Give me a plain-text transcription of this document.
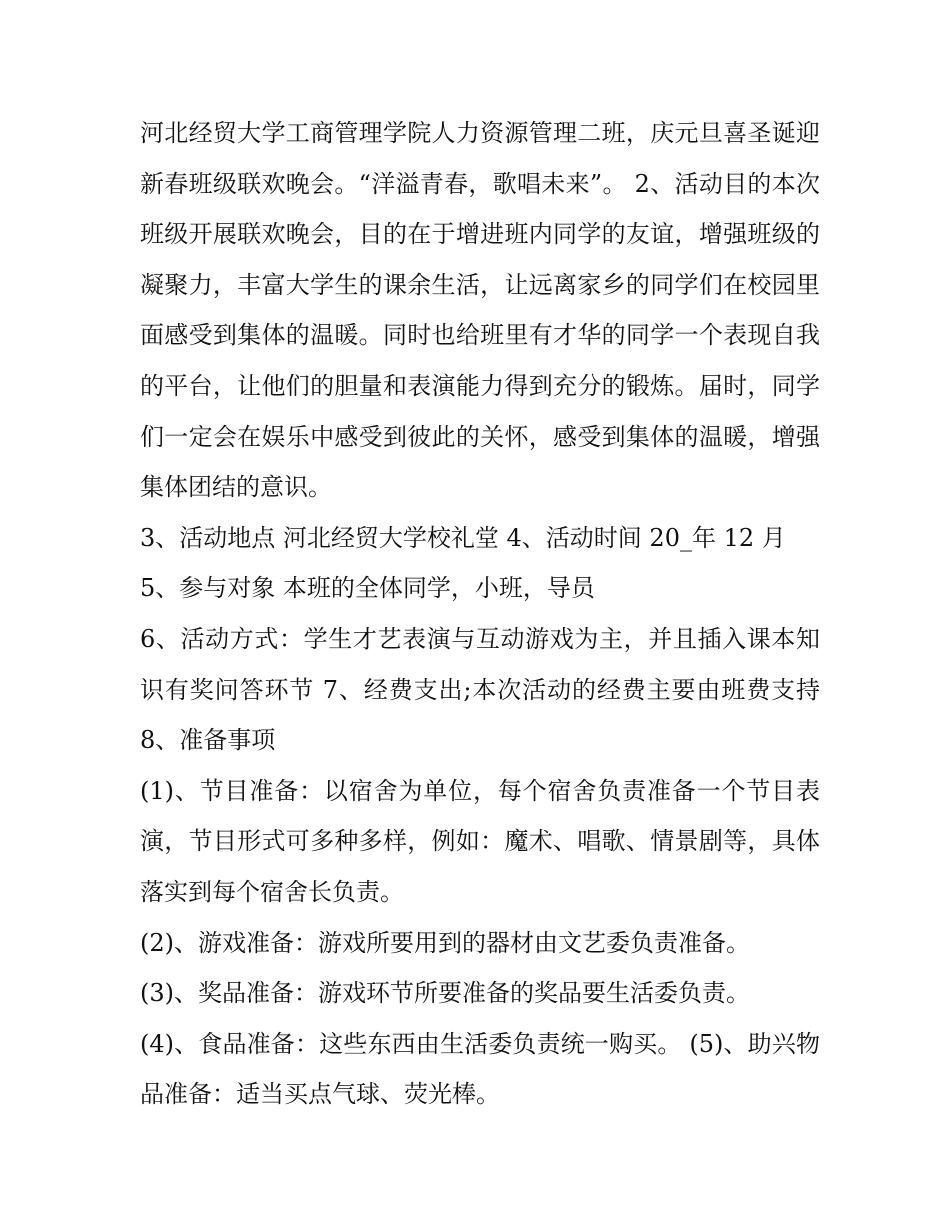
河北经贸大学工商管理学院人力资源管理二班，庆元旦喜圣诞迎新春班级联欢晚会。“洋溢青春，歌唱未来”。 2、活动目的本次班级开展联欢晚会，目的在于增进班内同学的友谊，增强班级的凝聚力，丰富大学生的课余生活，让远离家乡的同学们在校园里面感受到集体的温暖。同时也给班里有才华的同学一个表现自我的平台，让他们的胆量和表演能力得到充分的锻炼。届时，同学们一定会在娱乐中感受到彼此的关怀，感受到集体的温暖，增强集体团结的意识。

3、活动地点 河北经贸大学校礼堂 4、活动时间 20_年 12 月

5、参与对象 本班的全体同学，小班，导员

6、活动方式：学生才艺表演与互动游戏为主，并且插入课本知识有奖问答环节 7、经费支出;本次活动的经费主要由班费支持 8、准备事项

(1)、节目准备：以宿舍为单位，每个宿舍负责准备一个节目表演，节目形式可多种多样，例如：魔术、唱歌、情景剧等，具体落实到每个宿舍长负责。

(2)、游戏准备：游戏所要用到的器材由文艺委负责准备。

(3)、奖品准备：游戏环节所要准备的奖品要生活委负责。

(4)、食品准备：这些东西由生活委负责统一购买。 (5)、助兴物品准备：适当买点气球、荧光棒。
